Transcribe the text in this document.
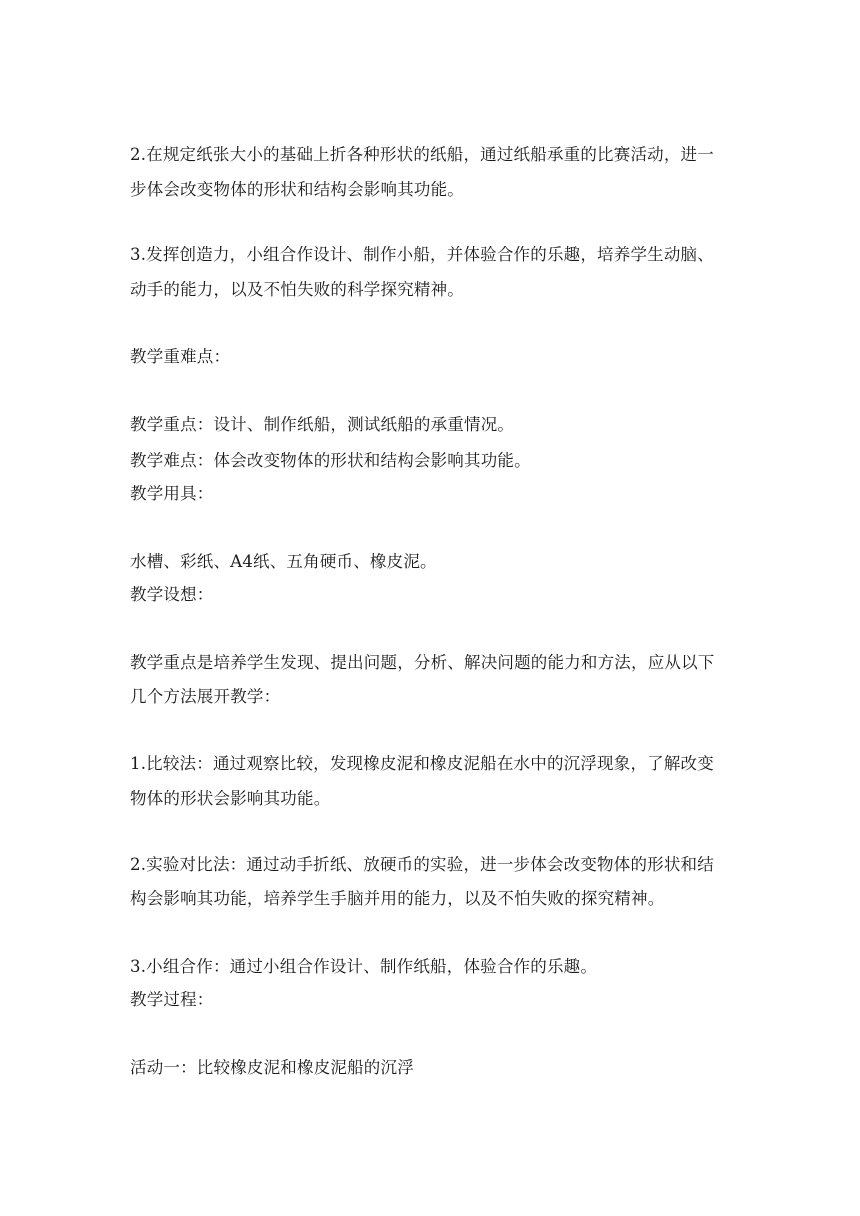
2.在规定纸张大小的基础上折各种形状的纸船，通过纸船承重的比赛活动，进一
步体会改变物体的形状和结构会影响其功能。
3.发挥创造力，小组合作设计、制作小船，并体验合作的乐趣，培养学生动脑、
动手的能力，以及不怕失败的科学探究精神。
教学重难点：
教学重点：设计、制作纸船，测试纸船的承重情况。
教学难点：体会改变物体的形状和结构会影响其功能。
教学用具：
水槽、彩纸、A4纸、五角硬币、橡皮泥。
教学设想：
教学重点是培养学生发现、提出问题，分析、解决问题的能力和方法，应从以下
几个方法展开教学：
1.比较法：通过观察比较，发现橡皮泥和橡皮泥船在水中的沉浮现象，了解改变
物体的形状会影响其功能。
2.实验对比法：通过动手折纸、放硬币的实验，进一步体会改变物体的形状和结
构会影响其功能，培养学生手脑并用的能力，以及不怕失败的探究精神。
3.小组合作：通过小组合作设计、制作纸船，体验合作的乐趣。
教学过程：
活动一：比较橡皮泥和橡皮泥船的沉浮
